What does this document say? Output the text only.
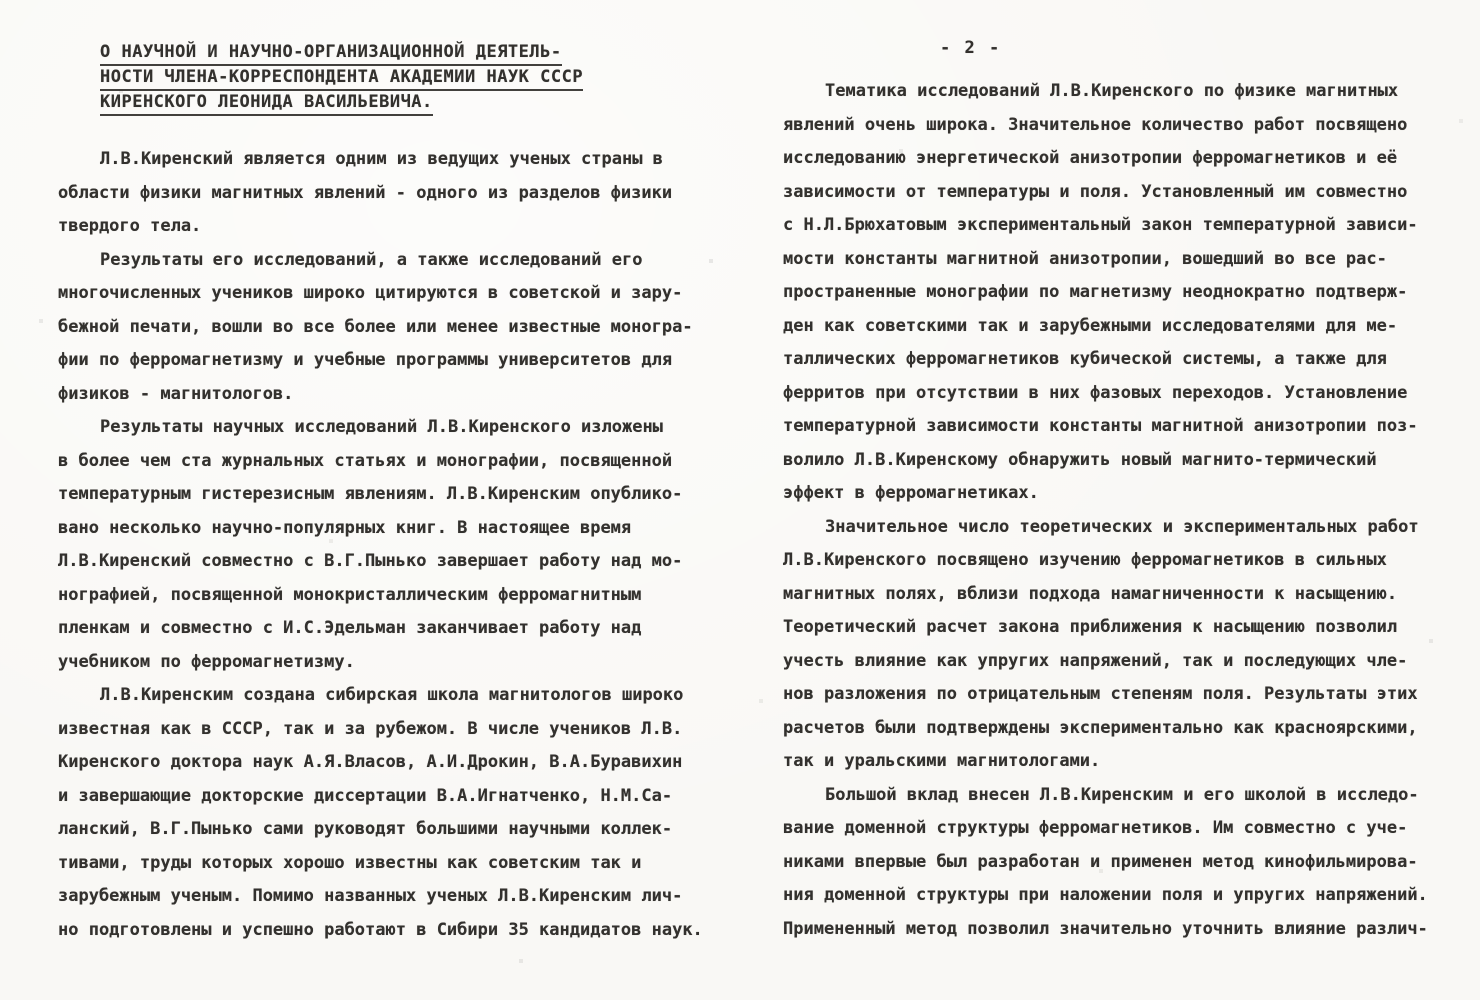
О НАУЧНОЙ И НАУЧНО-ОРГАНИЗАЦИОННОЙ ДЕЯТЕЛЬ-
НОСТИ ЧЛЕНА-КОРРЕСПОНДЕНТА АКАДЕМИИ НАУК СССР
КИРЕНСКОГО ЛЕОНИДА ВАСИЛЬЕВИЧА.
Л.В.Киренский является одним из ведущих ученых страны в
области физики магнитных явлений - одного из разделов физики
твердого тела.
Результаты его исследований, а также исследований его
многочисленных учеников широко цитируются в советской и зару-
бежной печати, вошли во все более или менее известные моногра-
фии по ферромагнетизму и учебные программы университетов для
физиков - магнитологов.
Результаты научных исследований Л.В.Киренского изложены
в более чем ста журнальных статьях и монографии, посвященной
температурным гистерезисным явлениям. Л.В.Киренским опублико-
вано несколько научно-популярных книг. В настоящее время
Л.В.Киренский совместно с В.Г.Пынько завершает работу над мо-
нографией, посвященной монокристаллическим ферромагнитным
пленкам и совместно с И.С.Эдельман заканчивает работу над
учебником по ферромагнетизму.
Л.В.Киренским создана сибирская школа магнитологов широко
известная как в СССР, так и за рубежом. В числе учеников Л.В.
Киренского доктора наук А.Я.Власов, А.И.Дрокин, В.А.Буравихин
и завершающие докторские диссертации В.А.Игнатченко, Н.М.Са-
ланский, В.Г.Пынько сами руководят большими научными коллек-
тивами, труды которых хорошо известны как советским так и
зарубежным ученым. Помимо названных ученых Л.В.Киренским лич-
но подготовлены и успешно работают в Сибири 35 кандидатов наук.
- 2 -
Тематика исследований Л.В.Киренского по физике магнитных
явлений очень широка. Значительное количество работ посвящено
исследованию энергетической анизотропии ферромагнетиков и её
зависимости от температуры и поля. Установленный им совместно
с Н.Л.Брюхатовым экспериментальный закон температурной зависи-
мости константы магнитной анизотропии, вошедший во все рас-
пространенные монографии по магнетизму неоднократно подтверж-
ден как советскими так и зарубежными исследователями для ме-
таллических ферромагнетиков кубической системы, а также для
ферритов при отсутствии в них фазовых переходов. Установление
температурной зависимости константы магнитной анизотропии поз-
волило Л.В.Киренскому обнаружить новый магнито-термический
эффект в ферромагнетиках.
Значительное число теоретических и экспериментальных работ
Л.В.Киренского посвящено изучению ферромагнетиков в сильных
магнитных полях, вблизи подхода намагниченности к насыщению.
Теоретический расчет закона приближения к насыщению позволил
учесть влияние как упругих напряжений, так и последующих чле-
нов разложения по отрицательным степеням поля. Результаты этих
расчетов были подтверждены экспериментально как красноярскими,
так и уральскими магнитологами.
Большой вклад внесен Л.В.Киренским и его школой в исследо-
вание доменной структуры ферромагнетиков. Им совместно с уче-
никами впервые был разработан и применен метод кинофильмирова-
ния доменной структуры при наложении поля и упругих напряжений.
Примененный метод позволил значительно уточнить влияние различ-
